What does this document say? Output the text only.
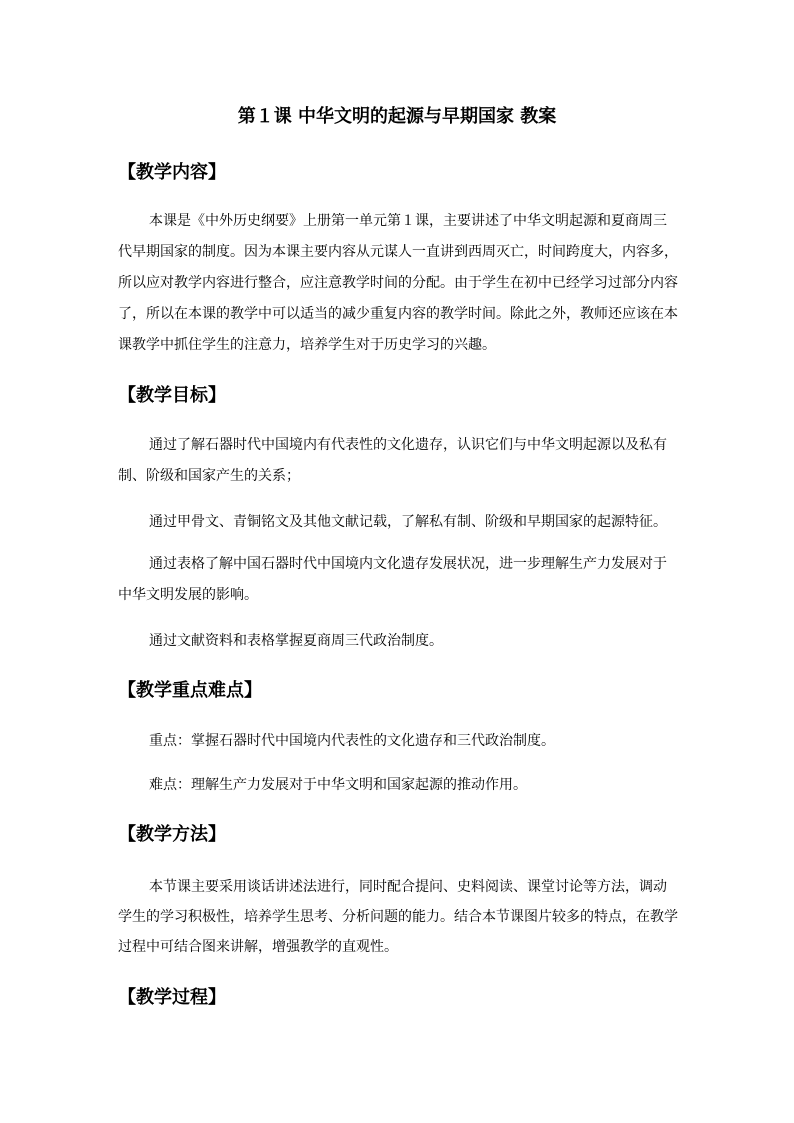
第１课 中华文明的起源与早期国家 教案
【教学内容】

本课是《中外历史纲要》上册第一单元第１课，主要讲述了中华文明起源和夏商周三代早期国家的制度。因为本课主要内容从元谋人一直讲到西周灭亡，时间跨度大，内容多，所以应对教学内容进行整合，应注意教学时间的分配。由于学生在初中已经学习过部分内容了，所以在本课的教学中可以适当的减少重复内容的教学时间。除此之外，教师还应该在本课教学中抓住学生的注意力，培养学生对于历史学习的兴趣。

【教学目标】

通过了解石器时代中国境内有代表性的文化遗存，认识它们与中华文明起源以及私有制、阶级和国家产生的关系；

通过甲骨文、青铜铭文及其他文献记载，了解私有制、阶级和早期国家的起源特征。

通过表格了解中国石器时代中国境内文化遗存发展状况，进一步理解生产力发展对于中华文明发展的影响。

通过文献资料和表格掌握夏商周三代政治制度。

【教学重点难点】

重点：掌握石器时代中国境内代表性的文化遗存和三代政治制度。

难点：理解生产力发展对于中华文明和国家起源的推动作用。

【教学方法】

本节课主要采用谈话讲述法进行，同时配合提问、史料阅读、课堂讨论等方法，调动学生的学习积极性，培养学生思考、分析问题的能力。结合本节课图片较多的特点，在教学过程中可结合图来讲解，增强教学的直观性。

【教学过程】
